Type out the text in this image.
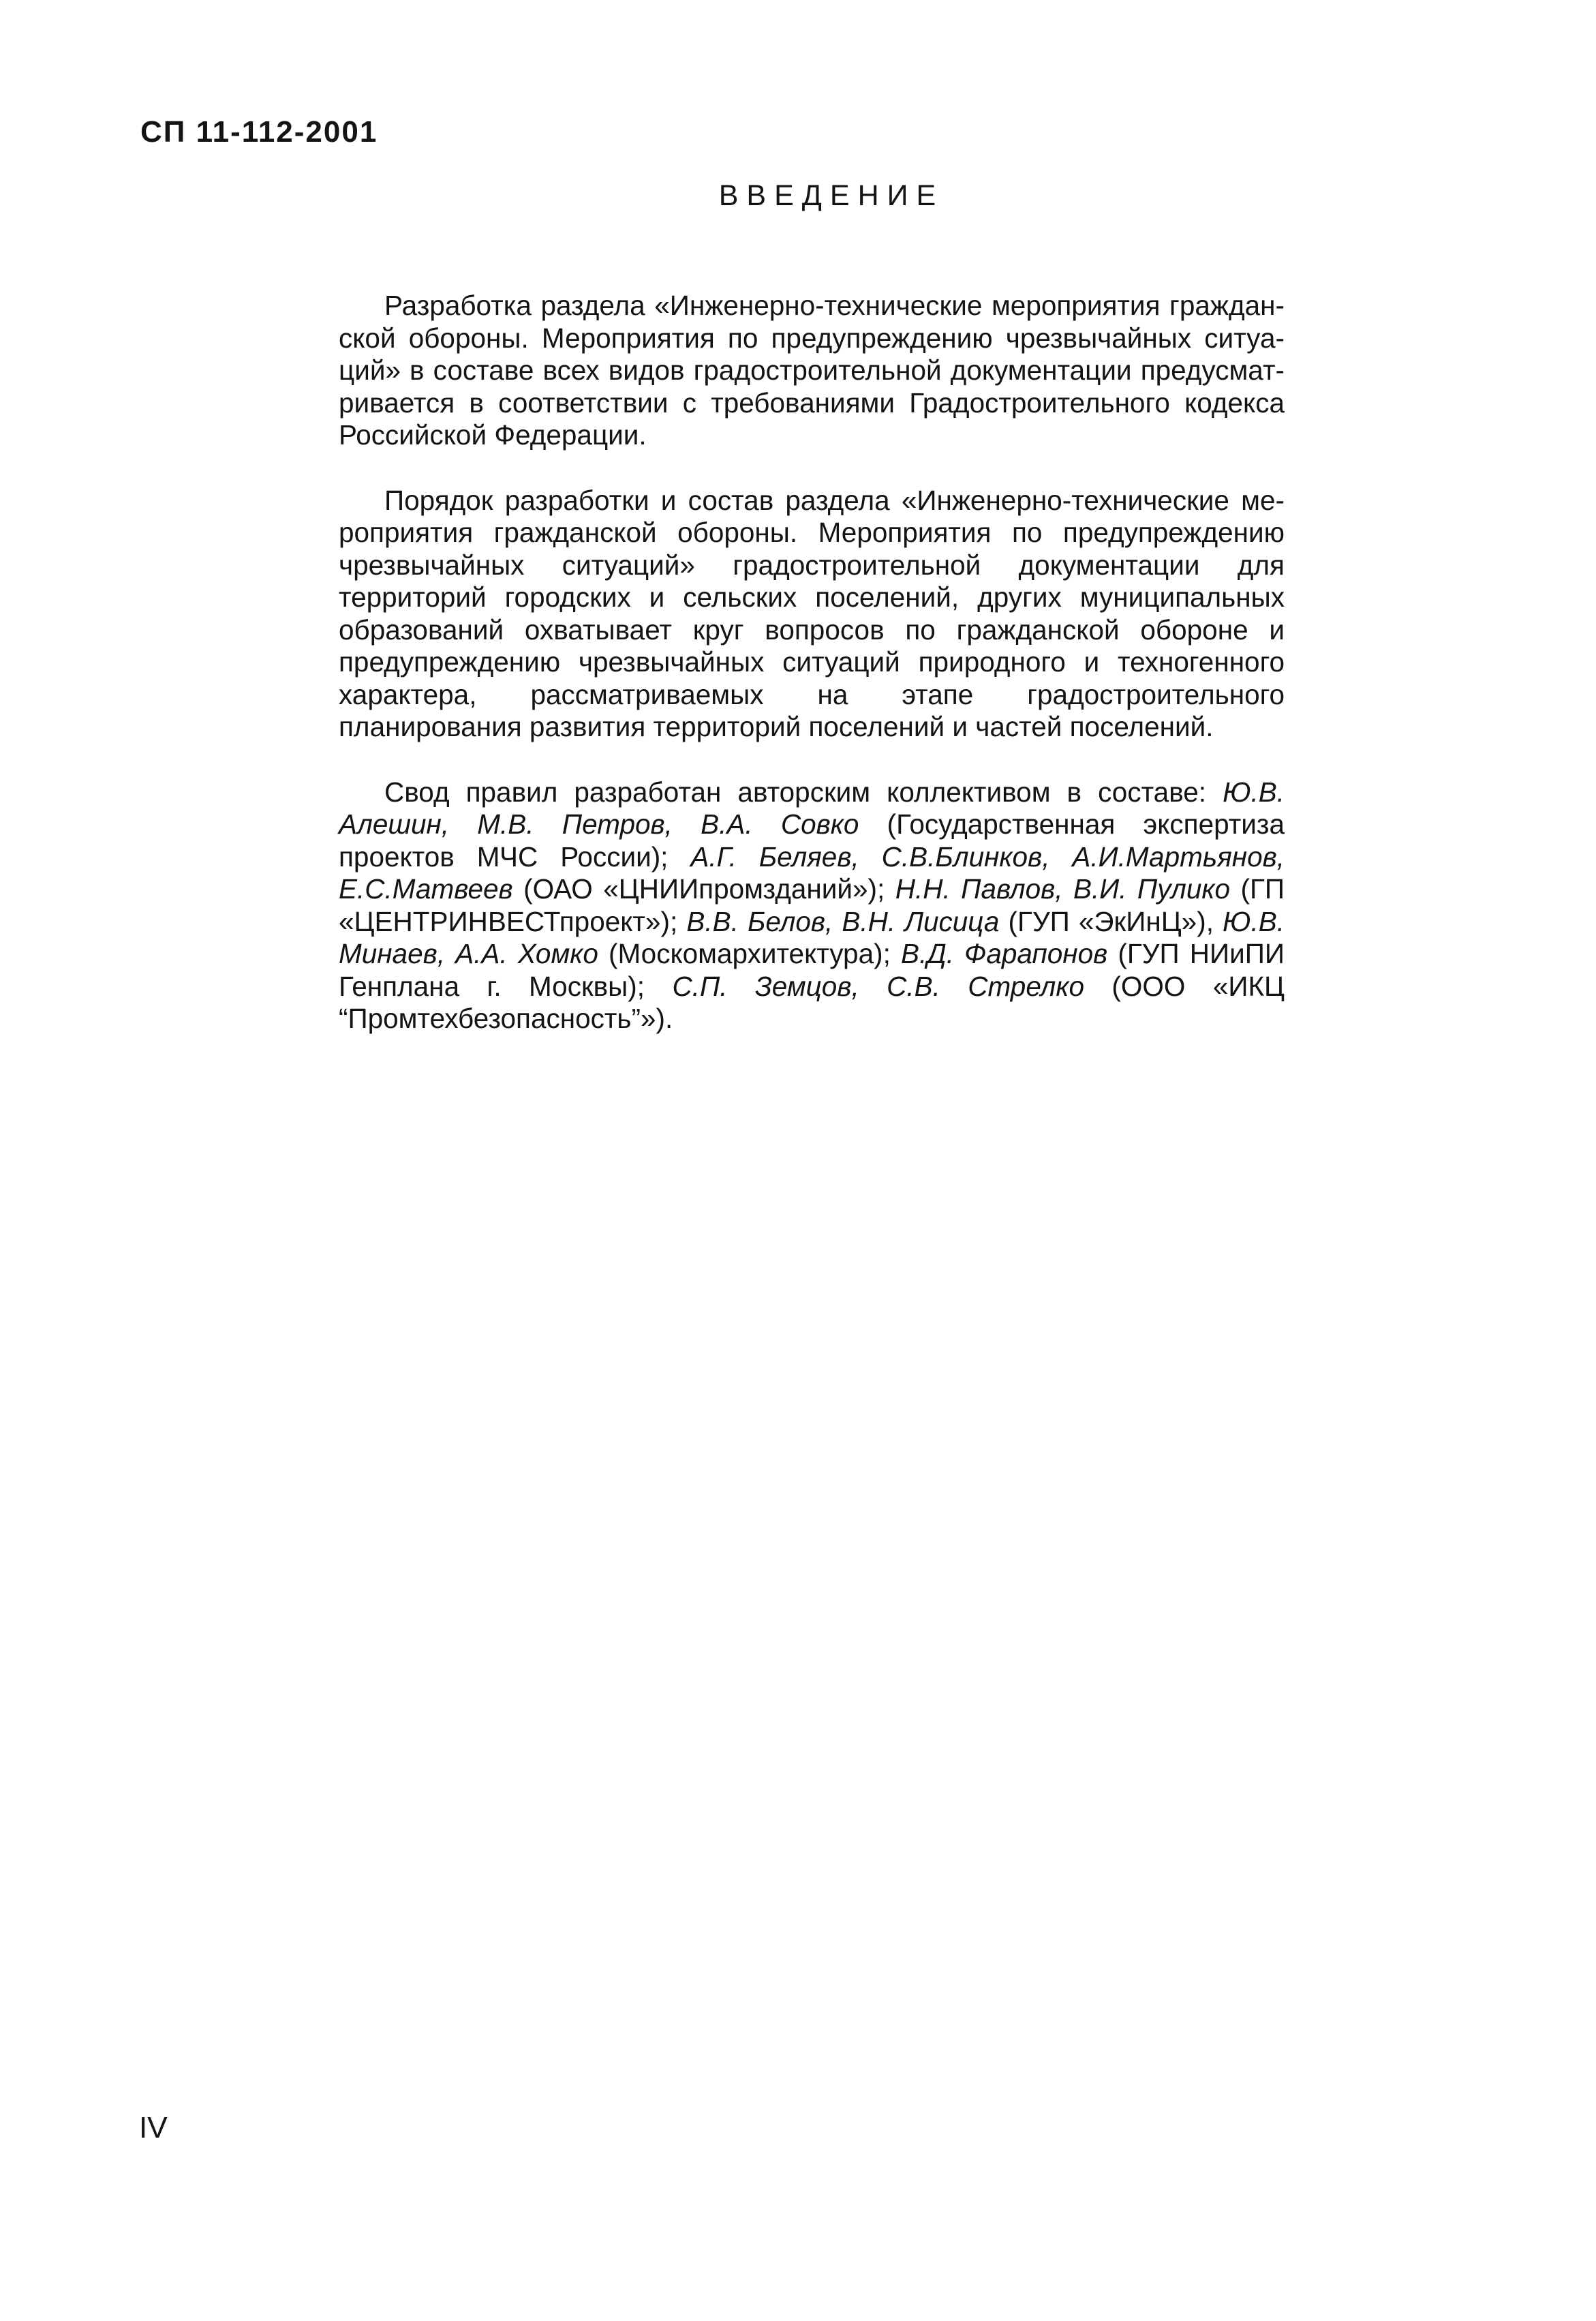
СП 11-112-2001
ВВЕДЕНИЕ

Разработка раздела «Инженерно-технические мероприятия гражданской обороны. Мероприятия по предупреждению чрезвычайных ситуаций» в составе всех видов градостроительной документации предусматривается в соответствии с требованиями Градостроительного кодекса Российской Федерации.

Порядок разработки и состав раздела «Инженерно-технические мероприятия гражданской обороны. Мероприятия по предупреждению чрезвычайных ситуаций» градостроительной документации для территорий городских и сельских поселений, других муниципальных образований охватывает круг вопросов по гражданской обороне и предупреждению чрезвычайных ситуаций природного и техногенного характера, рассматриваемых на этапе градостроительного планирования развития территорий поселений и частей поселений.

Свод правил разработан авторским коллективом в составе: Ю.В. Алешин, М.В. Петров, В.А. Совко (Государственная экспертиза проектов МЧС России); А.Г. Беляев, С.В.Блинков, А.И.Мартьянов, Е.С.Матвеев (ОАО «ЦНИИпромзданий»); Н.Н. Павлов, В.И. Пулико (ГП «ЦЕНТРИНВЕСТпроект»); В.В. Белов, В.Н. Лисица (ГУП «ЭкИнЦ»), Ю.В. Минаев, А.А. Хомко (Москомархитектура); В.Д. Фарапонов (ГУП НИиПИ Генплана г. Москвы); С.П. Земцов, С.В. Стрелко (ООО «ИКЦ “Промтехбезопасность”»).

IV
